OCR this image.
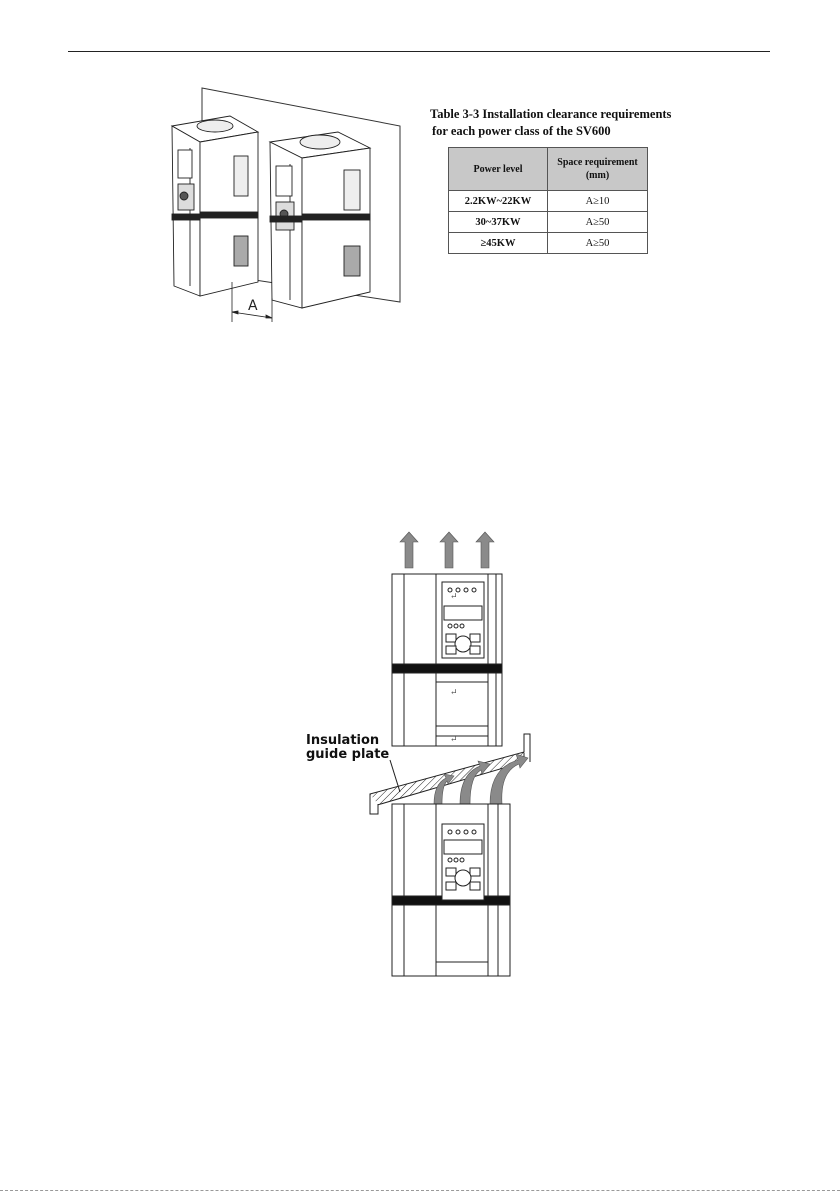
A
Table 3-3 Installation clearance requirements
for each power class of the SV600
Power level	Space requirement (mm)
2.2KW~22KW	A≥10
30~37KW	A≥50
≥45KW	A≥50
↵
↵
↵
Insulation
guide plate
